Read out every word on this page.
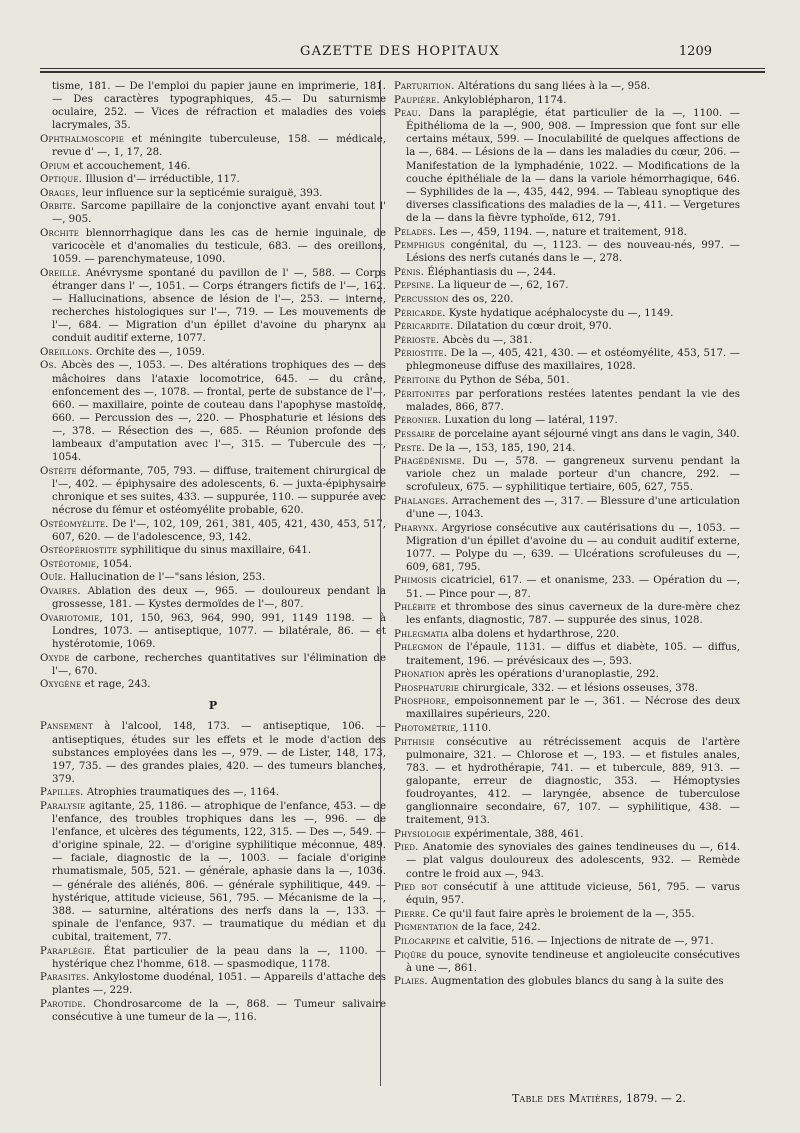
GAZETTE DES HOPITAUX	1209
tisme, 181. — De l'emploi du papier jaune en imprimerie, 181. — Des caractères typographiques, 45.— Du saturnisme oculaire, 252. — Vices de réfraction et maladies des voies lacrymales, 35.
Ophthalmoscopie et méningite tuberculeuse, 158. — médicale, revue d' —, 1, 17, 28.
Opium et accouchement, 146.
Optique. Illusion d'— irréductible, 117.
Orages, leur influence sur la septicémie suraiguë, 393.
Orbite. Sarcome papillaire de la conjonctive ayant envahi tout l' —, 905.
Orchite blennorrhagique dans les cas de hernie inguinale, de varicocèle et d'anomalies du testicule, 683. — des oreillons, 1059. — parenchymateuse, 1090.
Oreille. Anévrysme spontané du pavillon de l' —, 588. — Corps étranger dans l' —, 1051. — Corps étrangers fictifs de l'—, 162. — Hallucinations, absence de lésion de l'—, 253. — interne, recherches histologiques sur l'—, 719. — Les mouvements de l'—, 684. — Migration d'un épillet d'avoine du pharynx au conduit auditif externe, 1077.
Oreillons. Orchite des —, 1059.
Os. Abcès des —, 1053. —. Des altérations trophiques des — des mâchoires dans l'ataxie locomotrice, 645. — du crâne, enfoncement des —, 1078. — frontal, perte de substance de l'—, 660. — maxillaire, pointe de couteau dans l'apophyse mastoïde, 660. — Percussion des —, 220. — Phosphaturie et lésions des —, 378. — Résection des —, 685. — Réunion profonde des lambeaux d'amputation avec l'—, 315. — Tubercule des —, 1054.
Ostéite déformante, 705, 793. — diffuse, traitement chirurgical de l'—, 402. — épiphysaire des adolescents, 6. — juxta-épiphysaire chronique et ses suites, 433. — suppurée, 110. — suppurée avec nécrose du fémur et ostéomyélite probable, 620.
Ostéomyélite. De l'—, 102, 109, 261, 381, 405, 421, 430, 453, 517, 607, 620. — de l'adolescence, 93, 142.
Ostéopériostite syphilitique du sinus maxillaire, 641.
Ostéotomie, 1054.
Ouïe. Hallucination de l'—"sans lésion, 253.
Ovaires. Ablation des deux —, 965. — douloureux pendant la grossesse, 181. — Kystes dermoïdes de l'—, 807.
Ovariotomie, 101, 150, 963, 964, 990, 991, 1149 1198. — à Londres, 1073. — antiseptique, 1077. — bilatérale, 86. — et hystérotomie, 1069.
Oxyde de carbone, recherches quantitatives sur l'élimination de l'—, 670.
Oxygène et rage, 243.
P
Pansement à l'alcool, 148, 173. — antiseptique, 106. — antiseptiques, études sur les effets et le mode d'action des substances employées dans les —, 979. — de Lister, 148, 173, 197, 735. — des grandes plaies, 420. — des tumeurs blanches, 379.
Papilles. Atrophies traumatiques des —, 1164.
Paralysie agitante, 25, 1186. — atrophique de l'enfance, 453. — de l'enfance, des troubles trophiques dans les —, 996. — de l'enfance, et ulcères des téguments, 122, 315. — Des —, 549. — d'origine spinale, 22. — d'origine syphilitique méconnue, 489. — faciale, diagnostic de la —, 1003. — faciale d'origine rhumatismale, 505, 521. — générale, aphasie dans la —, 1036. — générale des aliénés, 806. — générale syphilitique, 449. — hystérique, attitude vicieuse, 561, 795. — Mécanisme de la —, 388. — saturnine, altérations des nerfs dans la —, 133. — spinale de l'enfance, 937. — traumatique du médian et du cubital, traitement, 77.
Paraplégie. État particulier de la peau dans la —, 1100. — hystérique chez l'homme, 618. — spasmodique, 1178.
Parasites. Ankylostome duodénal, 1051. — Appareils d'attache des plantes —, 229.
Parotide. Chondrosarcome de la —, 868. — Tumeur salivaire consécutive à une tumeur de la —, 116.
Parturition. Altérations du sang liées à la —, 958.
Paupière. Ankyloblépharon, 1174.
Peau. Dans la paraplégie, état particulier de la —, 1100. — Épithélioma de la —, 900, 908. — Impression que font sur elle certains métaux, 599. — Inoculabilité de quelques affections de la —, 684. — Lésions de la — dans les maladies du cœur, 206. — Manifestation de la lymphadénie, 1022. — Modifications de la couche épithéliale de la — dans la variole hémorrhagique, 646. — Syphilides de la —, 435, 442, 994. — Tableau synoptique des diverses classifications des maladies de la —, 411. — Vergetures de la — dans la fièvre typhoïde, 612, 791.
Pelades. Les —, 459, 1194. —, nature et traitement, 918.
Pemphigus congénital, du —, 1123. — des nouveau-nés, 997. — Lésions des nerfs cutanés dans le —, 278.
Pénis. Éléphantiasis du —, 244.
Pepsine. La liqueur de —, 62, 167.
Percussion des os, 220.
Péricarde. Kyste hydatique acéphalocyste du —, 1149.
Péricardite. Dilatation du cœur droit, 970.
Périoste. Abcès du —, 381.
Périostite. De la —, 405, 421, 430. — et ostéomyélite, 453, 517. — phlegmoneuse diffuse des maxillaires, 1028.
Péritoine du Python de Séba, 501.
Péritonites par perforations restées latentes pendant la vie des malades, 866, 877.
Péronier. Luxation du long — latéral, 1197.
Pessaire de porcelaine ayant séjourné vingt ans dans le vagin, 340.
Peste. De la —, 153, 185, 190, 214.
Phagédénisme. Du —, 578. — gangreneux survenu pendant la variole chez un malade porteur d'un chancre, 292. — scrofuleux, 675. — syphilitique tertiaire, 605, 627, 755.
Phalanges. Arrachement des —, 317. — Blessure d'une articulation d'une —, 1043.
Pharynx. Argyriose consécutive aux cautérisations du —, 1053. — Migration d'un épillet d'avoine du — au conduit auditif externe, 1077. — Polype du —, 639. — Ulcérations scrofuleuses du —, 609, 681, 795.
Phimosis cicatriciel, 617. — et onanisme, 233. — Opération du —, 51. — Pince pour —, 87.
Phlébite et thrombose des sinus caverneux de la dure-mère chez les enfants, diagnostic, 787. — suppurée des sinus, 1028.
Phlegmatia alba dolens et hydarthrose, 220.
Phlegmon de l'épaule, 1131. — diffus et diabète, 105. — diffus, traitement, 196. — prévésicaux des —, 593.
Phonation après les opérations d'uranoplastie, 292.
Phosphaturie chirurgicale, 332. — et lésions osseuses, 378.
Phosphore, empoisonnement par le —, 361. — Nécrose des deux maxillaires supérieurs, 220.
Photométrie, 1110.
Phthisie consécutive au rétrécissement acquis de l'artère pulmonaire, 321. — Chlorose et —, 193. — et fistules anales, 783. — et hydrothérapie, 741. — et tubercule, 889, 913. — galopante, erreur de diagnostic, 353. — Hémoptysies foudroyantes, 412. — laryngée, absence de tuberculose ganglionnaire secondaire, 67, 107. — syphilitique, 438. — traitement, 913.
Physiologie expérimentale, 388, 461.
Pied. Anatomie des synoviales des gaines tendineuses du —, 614. — plat valgus douloureux des adolescents, 932. — Remède contre le froid aux —, 943.
Pied bot consécutif à une attitude vicieuse, 561, 795. — varus équin, 957.
Pierre. Ce qu'il faut faire après le broiement de la —, 355.
Pigmentation de la face, 242.
Pilocarpine et calvitie, 516. — Injections de nitrate de —, 971.
Piqûre du pouce, synovite tendineuse et angioleucite consécutives à une —, 861.
Plaies. Augmentation des globules blancs du sang à la suite des
Table des Matières, 1879. — 2.
